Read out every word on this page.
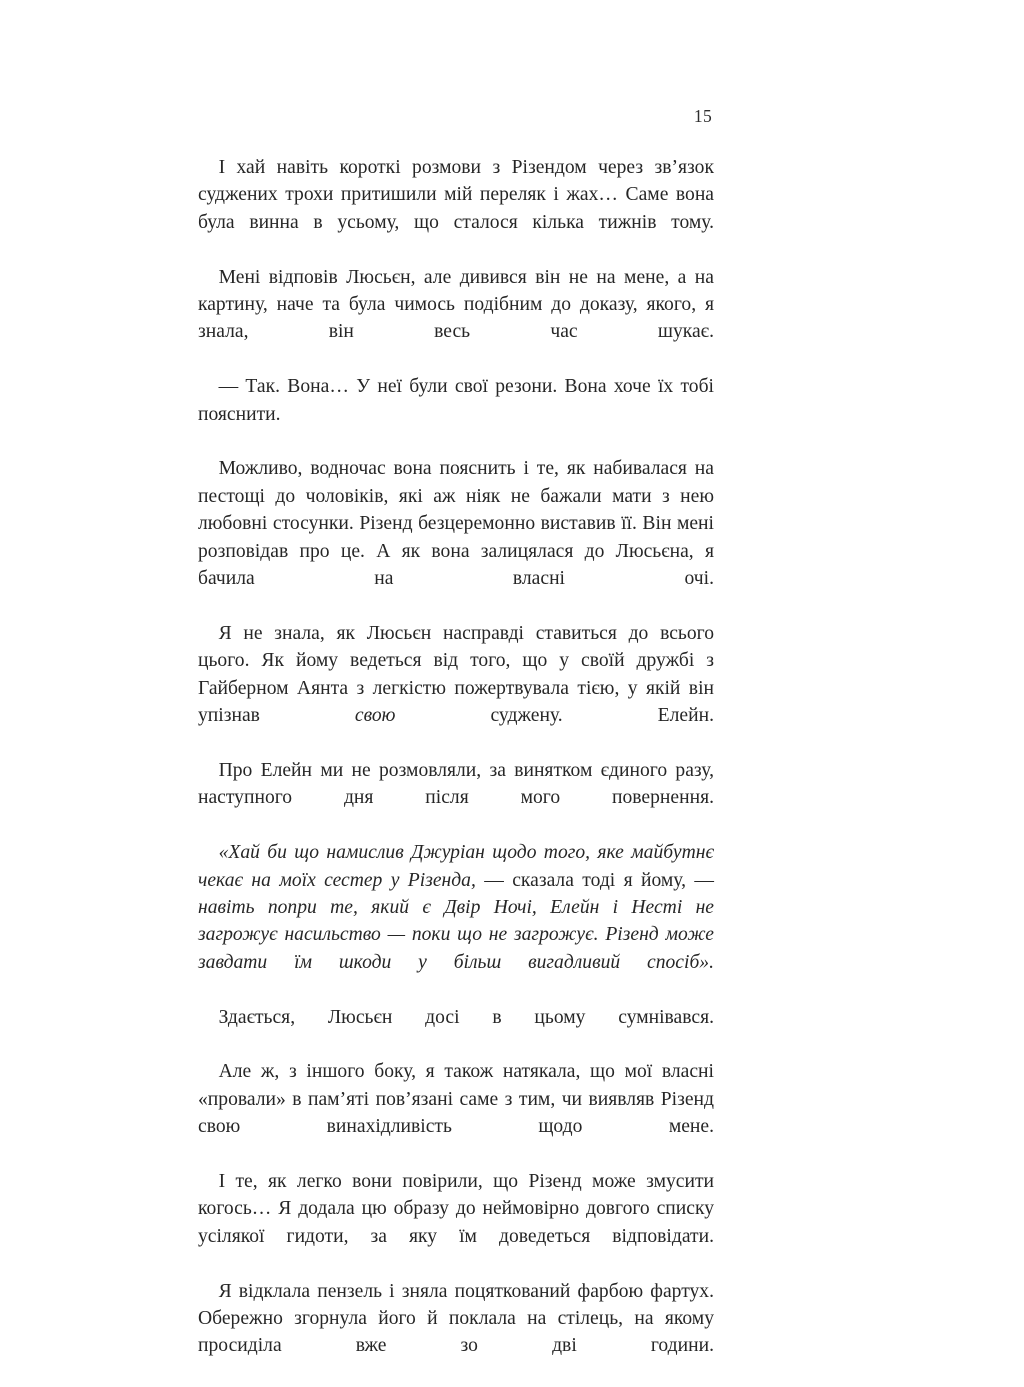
15

І хай навіть короткі розмови з Різендом через зв’язок суджених трохи притишили мій переляк і жах… Саме вона була винна в усьому, що сталося кілька тижнів тому.

Мені відповів Люсьєн, але дивився він не на мене, а на картину, наче та була чимось подібним до доказу, якого, я знала, він весь час шукає.

— Так. Вона… У неї були свої резони. Вона хоче їх тобі пояснити.

Можливо, водночас вона пояснить і те, як набивалася на пестощі до чоловіків, які аж ніяк не бажали мати з нею любовні стосунки. Різенд безцеремонно виставив її. Він мені розповідав про це. А як вона залицялася до Люсьєна, я бачила на власні очі.

Я не знала, як Люсьєн насправді ставиться до всього цього. Як йому ведеться від того, що у своїй дружбі з Гайберном Аянта з легкістю пожертвувала тією, у якій він упізнав свою суджену. Елейн.

Про Елейн ми не розмовляли, за винятком єдиного разу, наступного дня після мого повернення.

«Хай би що намислив Джуріан щодо того, яке майбутнє чекає на моїх сестер у Різенда, — сказала тоді я йому, — навіть попри те, який є Двір Ночі, Елейн і Несті не загрожує насильство — поки що не загрожує. Різенд може завдати їм шкоди у більш вигадливий спосіб».

Здається, Люсьєн досі в цьому сумнівався.

Але ж, з іншого боку, я також натякала, що мої власні «провали» в пам’яті пов’язані саме з тим, чи виявляв Різенд свою винахідливість щодо мене.

І те, як легко вони повірили, що Різенд може змусити когось… Я додала цю образу до неймовірно довгого списку усілякої гидоти, за яку їм доведеться відповідати.

Я відклала пензель і зняла поцяткований фарбою фартух. Обережно згорнула його й поклала на стілець, на якому просиділа вже зо дві години.
